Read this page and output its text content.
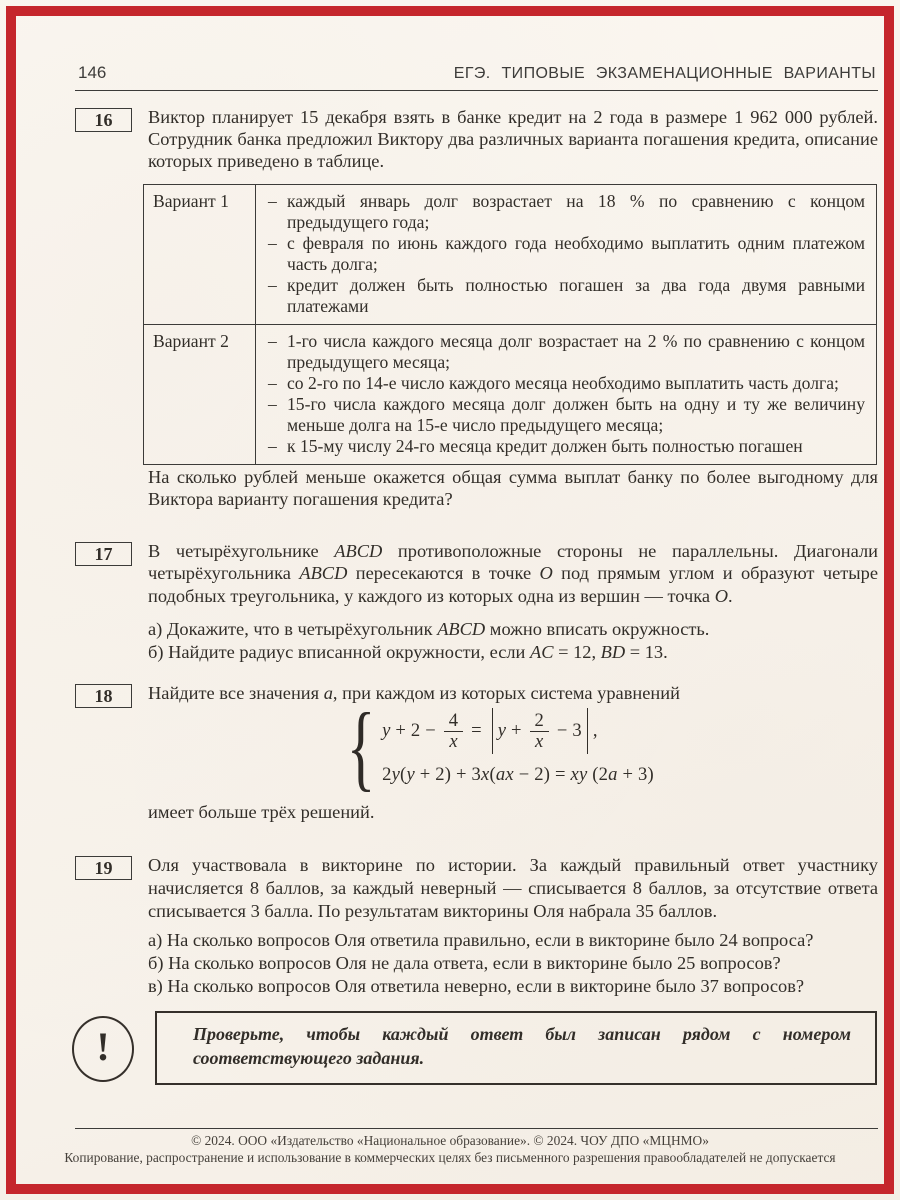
146	ЕГЭ. ТИПОВЫЕ ЭКЗАМЕНАЦИОННЫЕ ВАРИАНТЫ
16	Виктор планирует 15 декабря взять в банке кредит на 2 года в размере 1 962 000 рублей. Сотрудник банка предложил Виктору два различных варианта погашения кредита, описание которых приведено в таблице.
Вариант 1	– каждый январь долг возрастает на 18 % по сравнению с концом предыдущего года;
– с февраля по июнь каждого года необходимо выплатить одним платежом часть долга;
– кредит должен быть полностью погашен за два года двумя равными платежами
Вариант 2	– 1-го числа каждого месяца долг возрастает на 2 % по сравнению с концом предыдущего месяца;
– со 2-го по 14-е число каждого месяца необходимо выплатить часть долга;
– 15-го числа каждого месяца долг должен быть на одну и ту же величину меньше долга на 15-е число предыдущего месяца;
– к 15-му числу 24-го месяца кредит должен быть полностью погашен
На сколько рублей меньше окажется общая сумма выплат банку по более выгодному для Виктора варианту погашения кредита?
17	В четырёхугольнике ABCD противоположные стороны не параллельны. Диагонали четырёхугольника ABCD пересекаются в точке O под прямым углом и образуют четыре подобных треугольника, у каждого из которых одна из вершин — точка O.
а) Докажите, что в четырёхугольник ABCD можно вписать окружность.
б) Найдите радиус вписанной окружности, если AC = 12, BD = 13.
18	Найдите все значения a, при каждом из которых система уравнений
{ $y + 2 - \frac{4}{x} = y + \frac{2}{x} - 3$ ,
2 y ( y + 2) + 3 x ( ax − 2) = xy (2 a + 3)
имеет больше трёх решений.
19	Оля участвовала в викторине по истории. За каждый правильный ответ участнику начисляется 8 баллов, за каждый неверный — списывается 8 баллов, за отсутствие ответа списывается 3 балла. По результатам викторины Оля набрала 35 баллов.
а) На сколько вопросов Оля ответила правильно, если в викторине было 24 вопроса?
б) На сколько вопросов Оля не дала ответа, если в викторине было 25 вопросов?
в) На сколько вопросов Оля ответила неверно, если в викторине было 37 вопросов?
!	Проверьте, чтобы каждый ответ был записан рядом с номером соответствующего задания.
© 2024. ООО «Издательство «Национальное образование». © 2024. ЧОУ ДПО «МЦНМО»
Копирование, распространение и использование в коммерческих целях без письменного разрешения правообладателей не допускается
